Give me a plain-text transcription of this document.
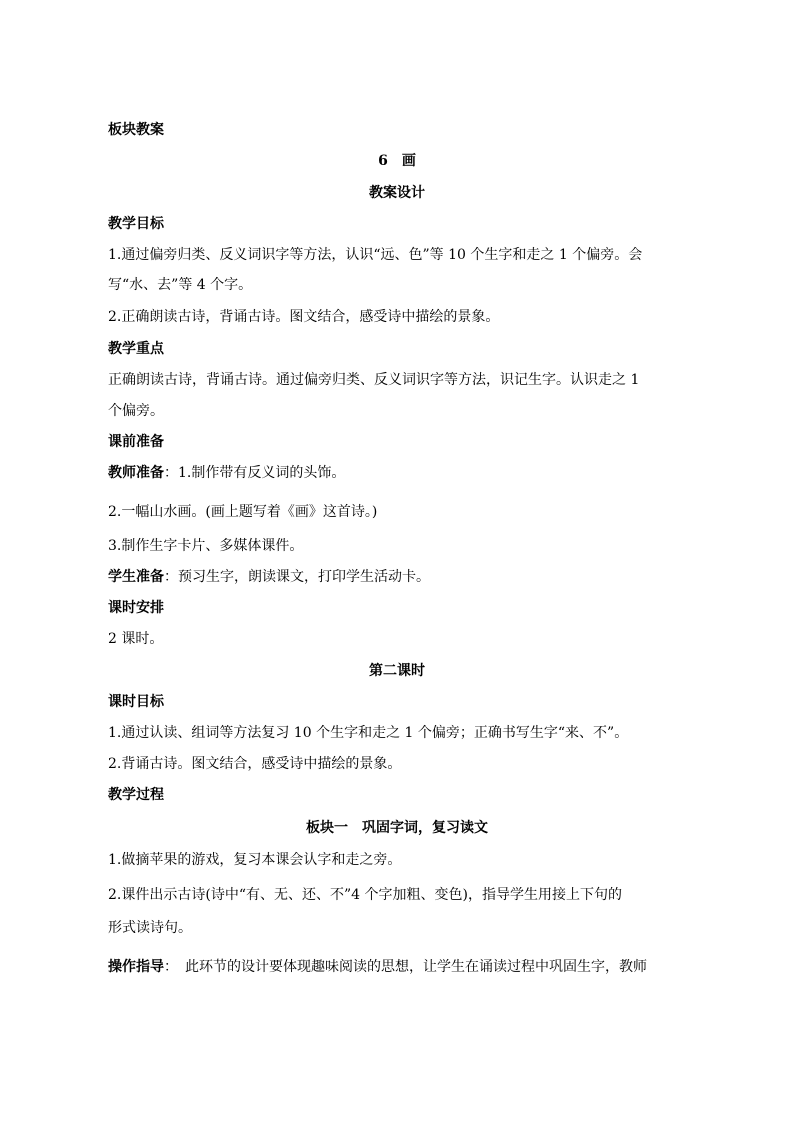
板块教案
6　画
教案设计
教学目标
1.通过偏旁归类、反义词识字等方法，认识“远、色”等 10 个生字和走之 1 个偏旁。会
写“水、去”等 4 个字。
2.正确朗读古诗，背诵古诗。图文结合，感受诗中描绘的景象。
教学重点
正确朗读古诗，背诵古诗。通过偏旁归类、反义词识字等方法，识记生字。认识走之 1
个偏旁。
课前准备
教师准备：1.制作带有反义词的头饰。
2.一幅山水画。(画上题写着《画》这首诗。)
3.制作生字卡片、多媒体课件。
学生准备：预习生字，朗读课文，打印学生活动卡。
课时安排
2 课时。
第二课时
课时目标
1.通过认读、组词等方法复习 10 个生字和走之 1 个偏旁；正确书写生字“来、不”。
2.背诵古诗。图文结合，感受诗中描绘的景象。
教学过程
板块一　巩固字词，复习读文
1.做摘苹果的游戏，复习本课会认字和走之旁。
2.课件出示古诗(诗中“有、无、还、不”4 个字加粗、变色)，指导学生用接上下句的
形式读诗句。
操作指导：　此环节的设计要体现趣味阅读的思想，让学生在诵读过程中巩固生字，教师
